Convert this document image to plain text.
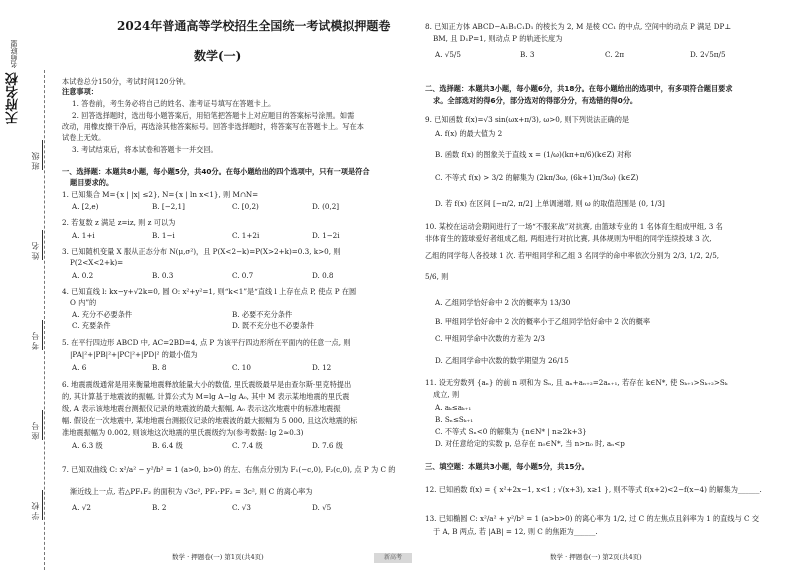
天府名校 名师联盟
班级
姓名
考号
座号
学校
2024年普通高等学校招生全国统一考试模拟押题卷
数学(一)
本试卷总分150分，考试时间120分钟。
注意事项：
1. 答卷前，考生务必将自己的姓名、准考证号填写在答题卡上。
2. 回答选择题时，选出每小题答案后，用铅笔把答题卡上对应题目的答案标号涂黑。如需
改动，用橡皮擦干净后，再选涂其他答案标号。回答非选择题时，将答案写在答题卡上。写在本
试卷上无效。
3. 考试结束后，将本试卷和答题卡一并交回。
一、选择题：本题共8小题，每小题5分，共40分。在每小题给出的四个选项中，只有一项是符合
题目要求的。
1. 已知集合 M={x | |x| ≤2}, N={x | ln x<1}, 则 M∩N=
A. [2,e)	B. [−2,1]	C. [0,2)	D. (0,2]
2. 若复数 z 满足 z=iz, 则 z 可以为
A. 1+i	B. 1−i	C. 1+2i	D. 1−2i
3. 已知随机变量 X 服从正态分布 N(μ,σ²)，且 P(X<2−k)=P(X>2+k)=0.3, k>0, 则
P(2<X<2+k)=
A. 0.2	B. 0.3	C. 0.7	D. 0.8
4. 已知直线 l: kx−y+√2k=0, 圆 O: x²+y²=1, 则“k<1”是“直线 l 上存在点 P, 使点 P 在圆
O 内”的
A. 充分不必要条件	B. 必要不充分条件
C. 充要条件	D. 既不充分也不必要条件
5. 在平行四边形 ABCD 中, AC=2BD=4, 点 P 为该平行四边形所在平面内的任意一点, 则
|PA|²+|PB|²+|PC|²+|PD|² 的最小值为
A. 6	B. 8	C. 10	D. 12
6. 地震震级通常是用来衡量地震释放能量大小的数值, 里氏震级最早是由查尔斯·里克特提出
的, 其计算基于地震波的振幅, 计算公式为 M=lg A−lg A₀, 其中 M 表示某地地震的里氏震
级, A 表示该地地震台测振仪记录的地震波的最大振幅, A₀ 表示这次地震中的标准地震振
幅. 假设在一次地震中, 某地地震台测振仪记录的地震波的最大振幅为 5 000, 且这次地震的标
准地震振幅为 0.002, 则该地这次地震的里氏震级约为(参考数据: lg 2≈0.3)
A. 6.3 级	B. 6.4 级	C. 7.4 级	D. 7.6 级
7. 已知双曲线 C: x²/a² − y²/b² = 1 (a>0, b>0) 的左、右焦点分别为 F₁(−c,0), F₂(c,0), 点 P 为 C 的
渐近线上一点, 若△PF₁F₂ 的面积为 √3c², PF₁·PF₂ = 3c², 则 C 的离心率为
A. √2	B. 2	C. √3	D. √5
数学 · 押题卷(一) 第1页(共4页)	新高考
8. 已知正方体 ABCD−A₁B₁C₁D₁ 的棱长为 2, M 是棱 CC₁ 的中点, 空间中的动点 P 满足 DP⊥
BM, 且 D₁P=1, 则动点 P 的轨迹长度为
A. √5/5	B. 3	C. 2π	D. 2√5π/5
二、选择题：本题共3小题，每小题6分，共18分。在每小题给出的选项中，有多项符合题目要求
求。全部选对的得6分，部分选对的得部分分，有选错的得0分。
9. 已知函数 f(x)=√3 sin(ωx+π/3), ω>0, 则下列说法正确的是
A. f(x) 的最大值为 2
B. 函数 f(x) 的图象关于直线 x = (1/ω)(kπ+π/6)(k∈Z) 对称
C. 不等式 f(x) > 3/2 的解集为 (2kπ/3ω, (6k+1)π/3ω) (k∈Z)
D. 若 f(x) 在区间 [−π/2, π/2] 上单调递增, 则 ω 的取值范围是 (0, 1/3]
10. 某校在运动会期间进行了一场“不服来战”对抗赛, 由篮球专业的 1 名体育生组成甲组, 3 名
非体育生的篮球爱好者组成乙组, 两组进行对抗比赛, 具体规则为甲组的同学连续投球 3 次,
乙组的同学每人各投球 1 次. 若甲组同学和乙组 3 名同学的命中率依次分别为 2/3, 1/2, 2/5,
5/6, 则
A. 乙组同学恰好命中 2 次的概率为 13/30
B. 甲组同学恰好命中 2 次的概率小于乙组同学恰好命中 2 次的概率
C. 甲组同学命中次数的方差为 2/3
D. 乙组同学命中次数的数学期望为 26/15
11. 设无穷数列 {aₙ} 的前 n 项和为 Sₙ, 且 aₙ+aₙ₊₂=2aₙ₊₁, 若存在 k∈N*, 使 Sₖ₊₁>Sₖ₊₂>Sₖ
成立, 则
A. aₖ≤aₖ₊₁
B. Sₙ≤Sₖ₊₁
C. 不等式 Sₙ<0 的解集为 {n∈N* | n≥2k+3}
D. 对任意给定的实数 p, 总存在 n₀∈N*, 当 n>n₀ 时, aₙ<p
三、填空题：本题共3小题，每小题5分，共15分。
12. 已知函数 f(x) = { x²+2x−1, x<1 ; √(x+3), x≥1 }, 则不等式 f(x+2)<2−f(x−4) 的解集为______.
13. 已知椭圆 C: x²/a² + y²/b² = 1 (a>b>0) 的离心率为 1/2, 过 C 的左焦点且斜率为 1 的直线与 C 交
于 A, B 两点, 若 |AB| = 12, 则 C 的焦距为______.
数学 · 押题卷(一) 第2页(共4页)
